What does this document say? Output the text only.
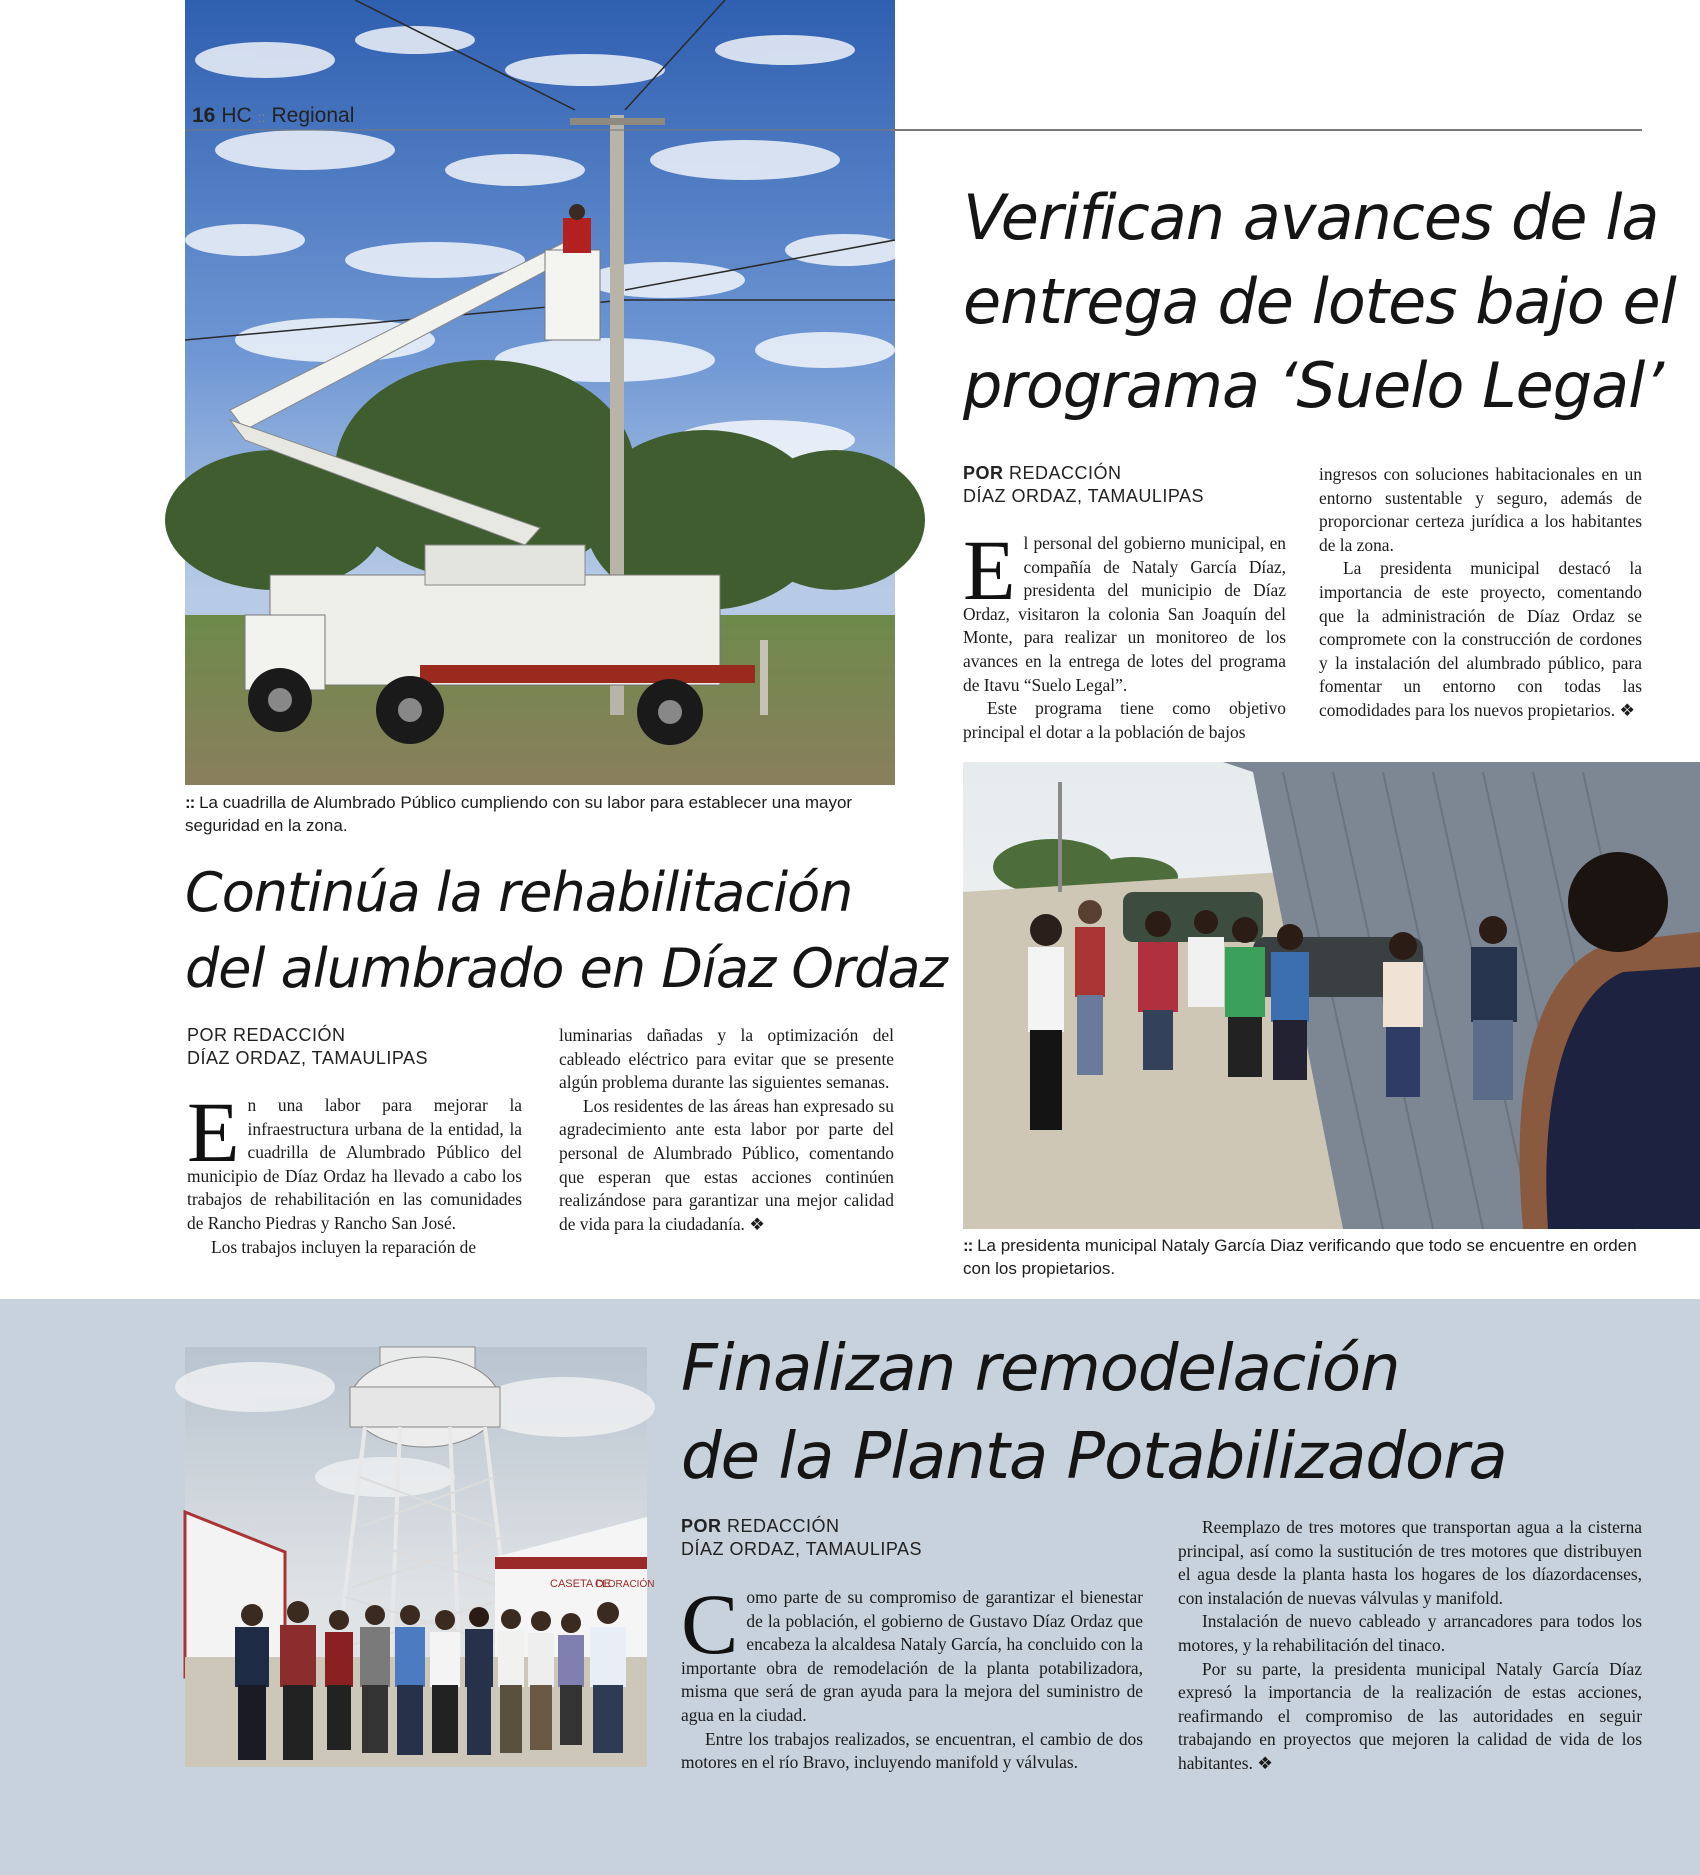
16 HC :: Regional
:: La cuadrilla de Alumbrado Público cumpliendo con su labor para establecer una mayor seguridad en la zona.
Verifican avances de la
entrega de lotes bajo el
programa ‘Suelo Legal’
POR REDACCIÓN
DÍAZ ORDAZ, TAMAULIPAS

El personal del gobierno municipal, en compañía de Nataly García Díaz, presidenta del municipio de Díaz Ordaz, visitaron la colonia San Joaquín del Monte, para realizar un monitoreo de los avances en la entrega de lotes del programa de Itavu “Suelo Legal”.

Este programa tiene como objetivo principal el dotar a la población de bajos

ingresos con soluciones habitacionales en un entorno sustentable y seguro, además de proporcionar certeza jurídica a los habitantes de la zona.

La presidenta municipal destacó la importancia de este proyecto, comentando que la administración de Díaz Ordaz se compromete con la construcción de cordones y la instalación del alumbrado público, para fomentar un entorno con todas las comodidades para los nuevos propietarios. ❖

:: La presidenta municipal Nataly García Diaz verificando que todo se encuentre en orden con los propietarios.
Continúa la rehabilitación
del alumbrado en Díaz Ordaz
POR REDACCIÓN
DÍAZ ORDAZ, TAMAULIPAS

En una labor para mejorar la infraestructura urbana de la entidad, la cuadrilla de Alumbrado Público del municipio de Díaz Ordaz ha llevado a cabo los trabajos de rehabilitación en las comunidades de Rancho Piedras y Rancho San José.

Los trabajos incluyen la reparación de

luminarias dañadas y la optimización del cableado eléctrico para evitar que se presente algún problema durante las siguientes semanas.

Los residentes de las áreas han expresado su agradecimiento ante esta labor por parte del personal de Alumbrado Público, comentando que esperan que estas acciones continúen realizándose para garantizar una mejor calidad de vida para la ciudadanía. ❖

CASETA DE
CLORACIÓN
Finalizan remodelación
de la Planta Potabilizadora
POR REDACCIÓN
DÍAZ ORDAZ, TAMAULIPAS

Como parte de su compromiso de garantizar el bienestar de la población, el gobierno de Gustavo Díaz Ordaz que encabeza la alcaldesa Nataly García, ha concluido con la importante obra de remodelación de la planta potabilizadora, misma que será de gran ayuda para la mejora del suministro de agua en la ciudad.

Entre los trabajos realizados, se encuentran, el cambio de dos motores en el río Bravo, incluyendo manifold y válvulas.

Reemplazo de tres motores que transportan agua a la cisterna principal, así como la sustitución de tres motores que distribuyen el agua desde la planta hasta los hogares de los díazordacenses, con instalación de nuevas válvulas y manifold.

Instalación de nuevo cableado y arrancadores para todos los motores, y la rehabilitación del tinaco.

Por su parte, la presidenta municipal Nataly García Díaz expresó la importancia de la realización de estas acciones, reafirmando el compromiso de las autoridades en seguir trabajando en proyectos que mejoren la calidad de vida de los habitantes. ❖
